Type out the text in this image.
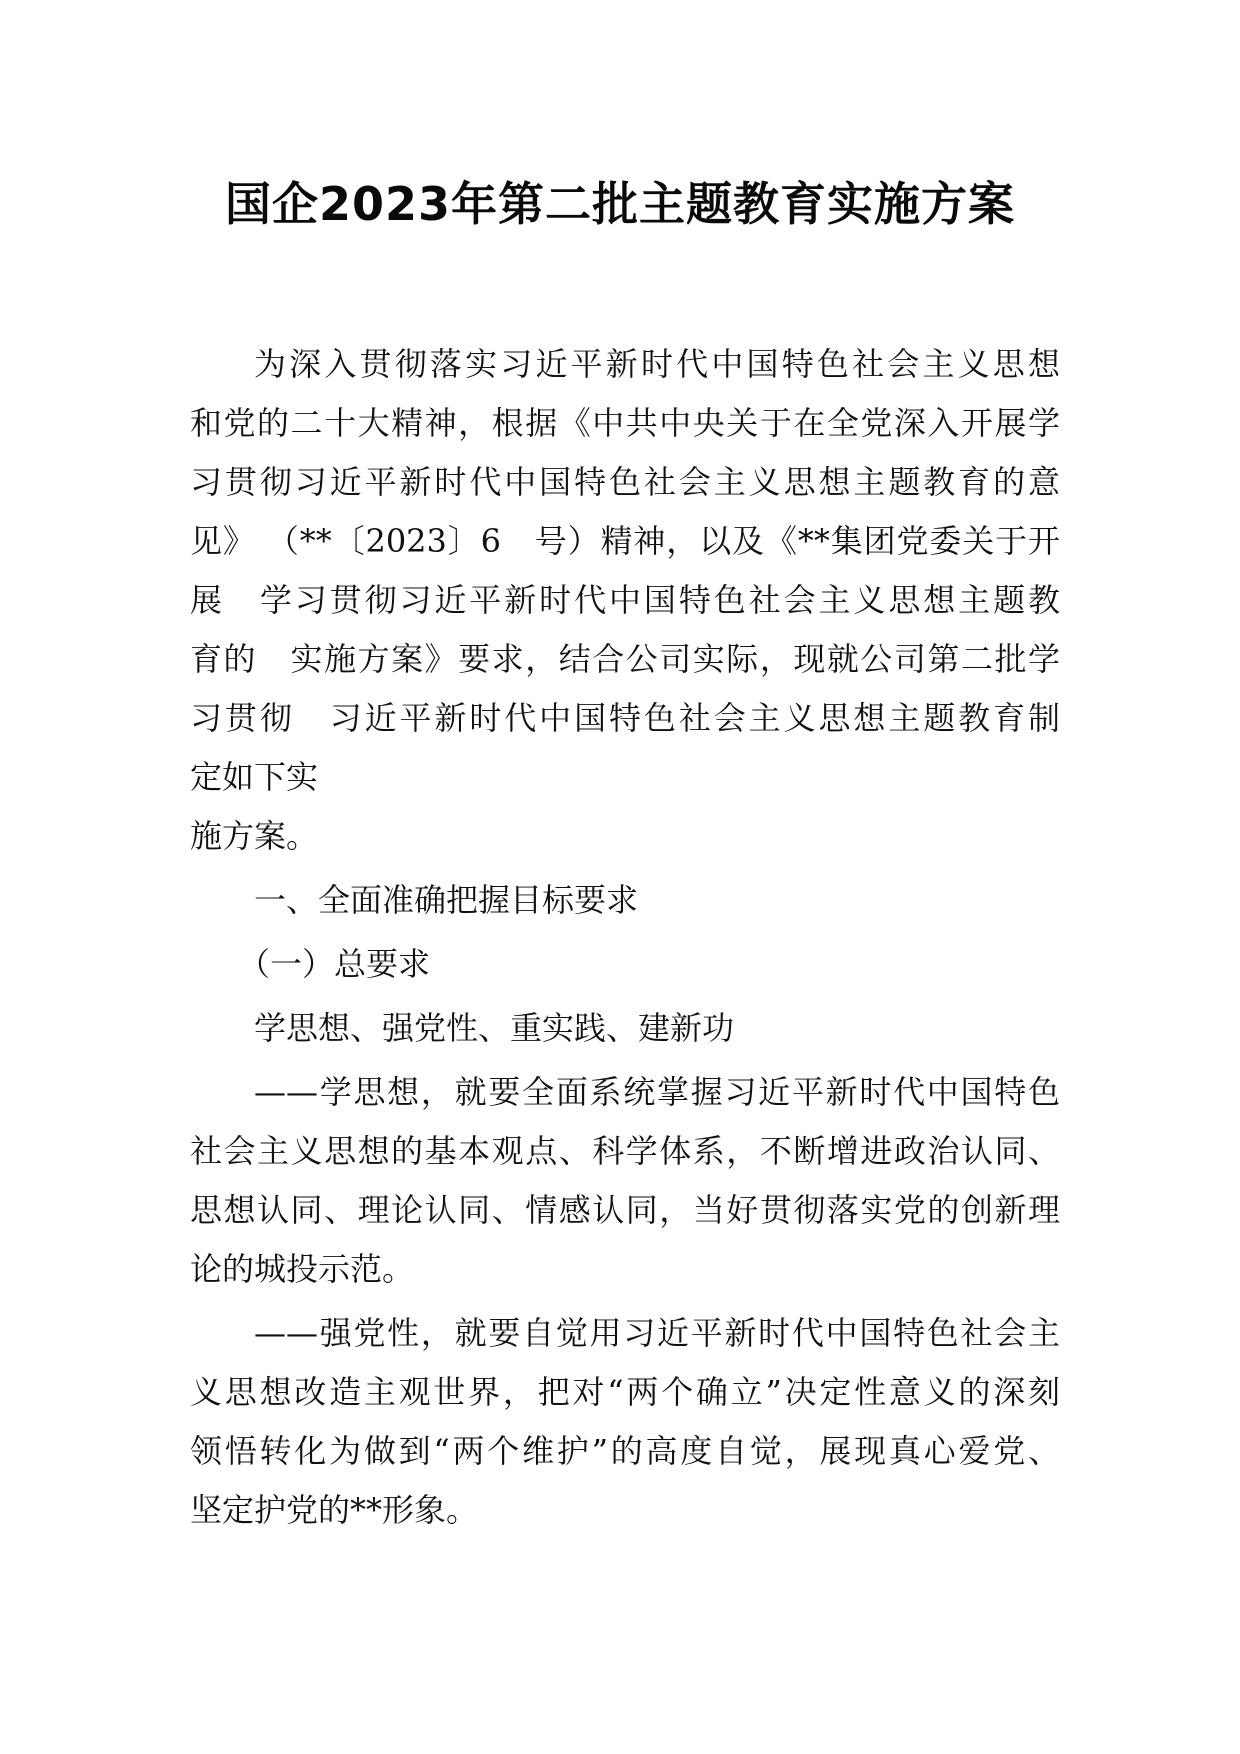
国企2023年第二批主题教育实施方案

为深入贯彻落实习近平新时代中国特色社会主义思想

和党的二十大精神，根据《中共中央关于在全党深入开展学

习贯彻习近平新时代中国特色社会主义思想主题教育的意

见》 （**〔2023〕6　号）精神，以及《**集团党委关于开

展　学习贯彻习近平新时代中国特色社会主义思想主题教

育的　实施方案》要求，结合公司实际，现就公司第二批学

习贯彻　习近平新时代中国特色社会主义思想主题教育制

定如下实

施方案。

一、全面准确把握目标要求

（一）总要求

学思想、强党性、重实践、建新功

——学思想，就要全面系统掌握习近平新时代中国特色

社会主义思想的基本观点、科学体系，不断增进政治认同、

思想认同、理论认同、情感认同，当好贯彻落实党的创新理

论的城投示范。

——强党性，就要自觉用习近平新时代中国特色社会主

义思想改造主观世界，把对“两个确立”决定性意义的深刻

领悟转化为做到“两个维护”的高度自觉，展现真心爱党、

坚定护党的**形象。
